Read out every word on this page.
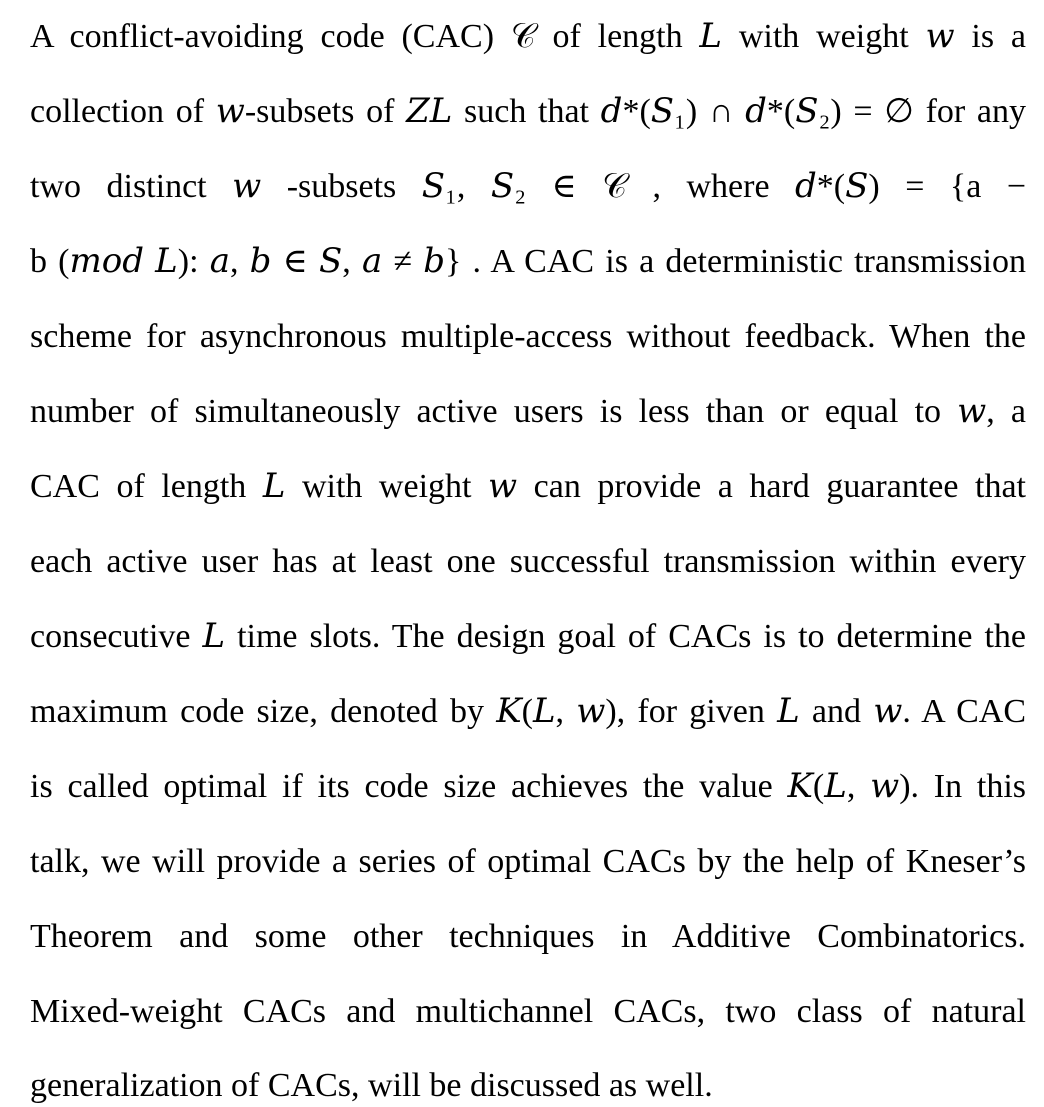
A conflict-avoiding code (CAC) 𝒞 of length 𝐿 with weight 𝑤 is a
collection of 𝑤-subsets of 𝑍𝐿 such that 𝑑*(𝑆₁) ∩ 𝑑*(𝑆₂) = ∅ for any
two distinct 𝑤 -subsets 𝑆₁, 𝑆₂ ∈ 𝒞 , where 𝑑*(𝑆) = {a −
b (𝑚𝑜𝑑 𝐿): 𝑎, 𝑏 ∈ 𝑆, 𝑎 ≠ 𝑏} . A CAC is a deterministic transmission
scheme for asynchronous multiple-access without feedback. When the
number of simultaneously active users is less than or equal to 𝑤, a
CAC of length 𝐿 with weight 𝑤 can provide a hard guarantee that
each active user has at least one successful transmission within every
consecutive 𝐿 time slots. The design goal of CACs is to determine the
maximum code size, denoted by 𝐾(𝐿, 𝑤), for given 𝐿 and 𝑤. A CAC
is called optimal if its code size achieves the value 𝐾(𝐿, 𝑤). In this
talk, we will provide a series of optimal CACs by the help of Kneser’s
Theorem and some other techniques in Additive Combinatorics.
Mixed-weight CACs and multichannel CACs, two class of natural
generalization of CACs, will be discussed as well.
